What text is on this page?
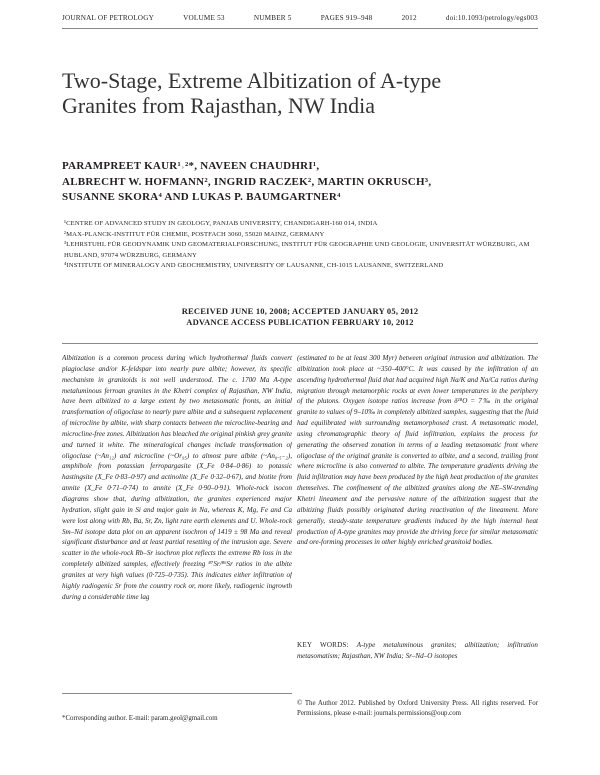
JOURNAL OF PETROLOGY	VOLUME 53	NUMBER 5	PAGES 919–948	2012	doi:10.1093/petrology/egs003
Two-Stage, Extreme Albitization of A-type Granites from Rajasthan, NW India
PARAMPREET KAUR¹˒²*, NAVEEN CHAUDHRI¹,
ALBRECHT W. HOFMANN², INGRID RACZEK², MARTIN OKRUSCH³,
SUSANNE SKORA⁴ AND LUKAS P. BAUMGARTNER⁴
¹CENTRE OF ADVANCED STUDY IN GEOLOGY, PANJAB UNIVERSITY, CHANDIGARH-160 014, INDIA
²MAX-PLANCK-INSTITUT FÜR CHEMIE, POSTFACH 3060, 55020 MAINZ, GERMANY
³LEHRSTUHL FÜR GEODYNAMIK UND GEOMATERIALFORSCHUNG, INSTITUT FÜR GEOGRAPHIE UND GEOLOGIE, UNIVERSITÄT WÜRZBURG, AM HUBLAND, 97074 WÜRZBURG, GERMANY
⁴INSTITUTE OF MINERALOGY AND GEOCHEMISTRY, UNIVERSITY OF LAUSANNE, CH-1015 LAUSANNE, SWITZERLAND
RECEIVED JUNE 10, 2008; ACCEPTED JANUARY 05, 2012
ADVANCE ACCESS PUBLICATION FEBRUARY 10, 2012
Albitization is a common process during which hydrothermal fluids convert plagioclase and/or K-feldspar into nearly pure albite; however, its specific mechanism in granitoids is not well understood. The c. 1700 Ma A-type metaluminous ferroan granites in the Khetri complex of Rajasthan, NW India, have been albitized to a large extent by two metasomatic fronts, an initial transformation of oligoclase to nearly pure albite and a subsequent replacement of microcline by albite, with sharp contacts between the microcline-bearing and microcline-free zones. Albitization has bleached the original pinkish grey granite and turned it white. The mineralogical changes include transformation of oligoclase (~An₁₂) and microcline (~Or₉₅) to almost pure albite (~An₀.₅₋₂), amphibole from potassian ferropargasite (X_Fe 0·84–0·86) to potassic hastingsite (X_Fe 0·83–0·97) and actinolite (X_Fe 0·32–0·67), and biotite from annite (X_Fe 0·71–0·74) to annite (X_Fe 0·90–0·91). Whole-rock isocon diagrams show that, during albitization, the granites experienced major hydration, slight gain in Si and major gain in Na, whereas K, Mg, Fe and Ca were lost along with Rb, Ba, Sr, Zn, light rare earth elements and U. Whole-rock Sm–Nd isotope data plot on an apparent isochron of 1419 ± 98 Ma and reveal significant disturbance and at least partial resetting of the intrusion age. Severe scatter in the whole-rock Rb–Sr isochron plot reflects the extreme Rb loss in the completely albitized samples, effectively freezing ⁸⁷Sr/⁸⁶Sr ratios in the albite granites at very high values (0·725–0·735). This indicates either infiltration of highly radiogenic Sr from the country rock or, more likely, radiogenic ingrowth during a considerable time lag
(estimated to be at least 300 Myr) between original intrusion and albitization. The albitization took place at ~350–400°C. It was caused by the infiltration of an ascending hydrothermal fluid that had acquired high Na/K and Na/Ca ratios during migration through metamorphic rocks at even lower temperatures in the periphery of the plutons. Oxygen isotope ratios increase from δ¹⁸O = 7‰ in the original granite to values of 9–10‰ in completely albitized samples, suggesting that the fluid had equilibrated with surrounding metamorphosed crust. A metasomatic model, using chromatographic theory of fluid infiltration, explains the process for generating the observed zonation in terms of a leading metasomatic front where oligoclase of the original granite is converted to albite, and a second, trailing front where microcline is also converted to albite. The temperature gradients driving the fluid infiltration may have been produced by the high heat production of the granites themselves. The confinement of the albitized granites along the NE–SW-trending Khetri lineament and the pervasive nature of the albitization suggest that the albitizing fluids possibly originated during reactivation of the lineament. More generally, steady-state temperature gradients induced by the high internal heat production of A-type granites may provide the driving force for similar metasomatic and ore-forming processes in other highly enriched granitoid bodies.
KEY WORDS: A-type metaluminous granites; albitization; infiltration metasomatism; Rajasthan, NW India; Sr–Nd–O isotopes
*Corresponding author. E-mail: param.geol@gmail.com
© The Author 2012. Published by Oxford University Press. All rights reserved. For Permissions, please e-mail: journals.permissions@oup.com
